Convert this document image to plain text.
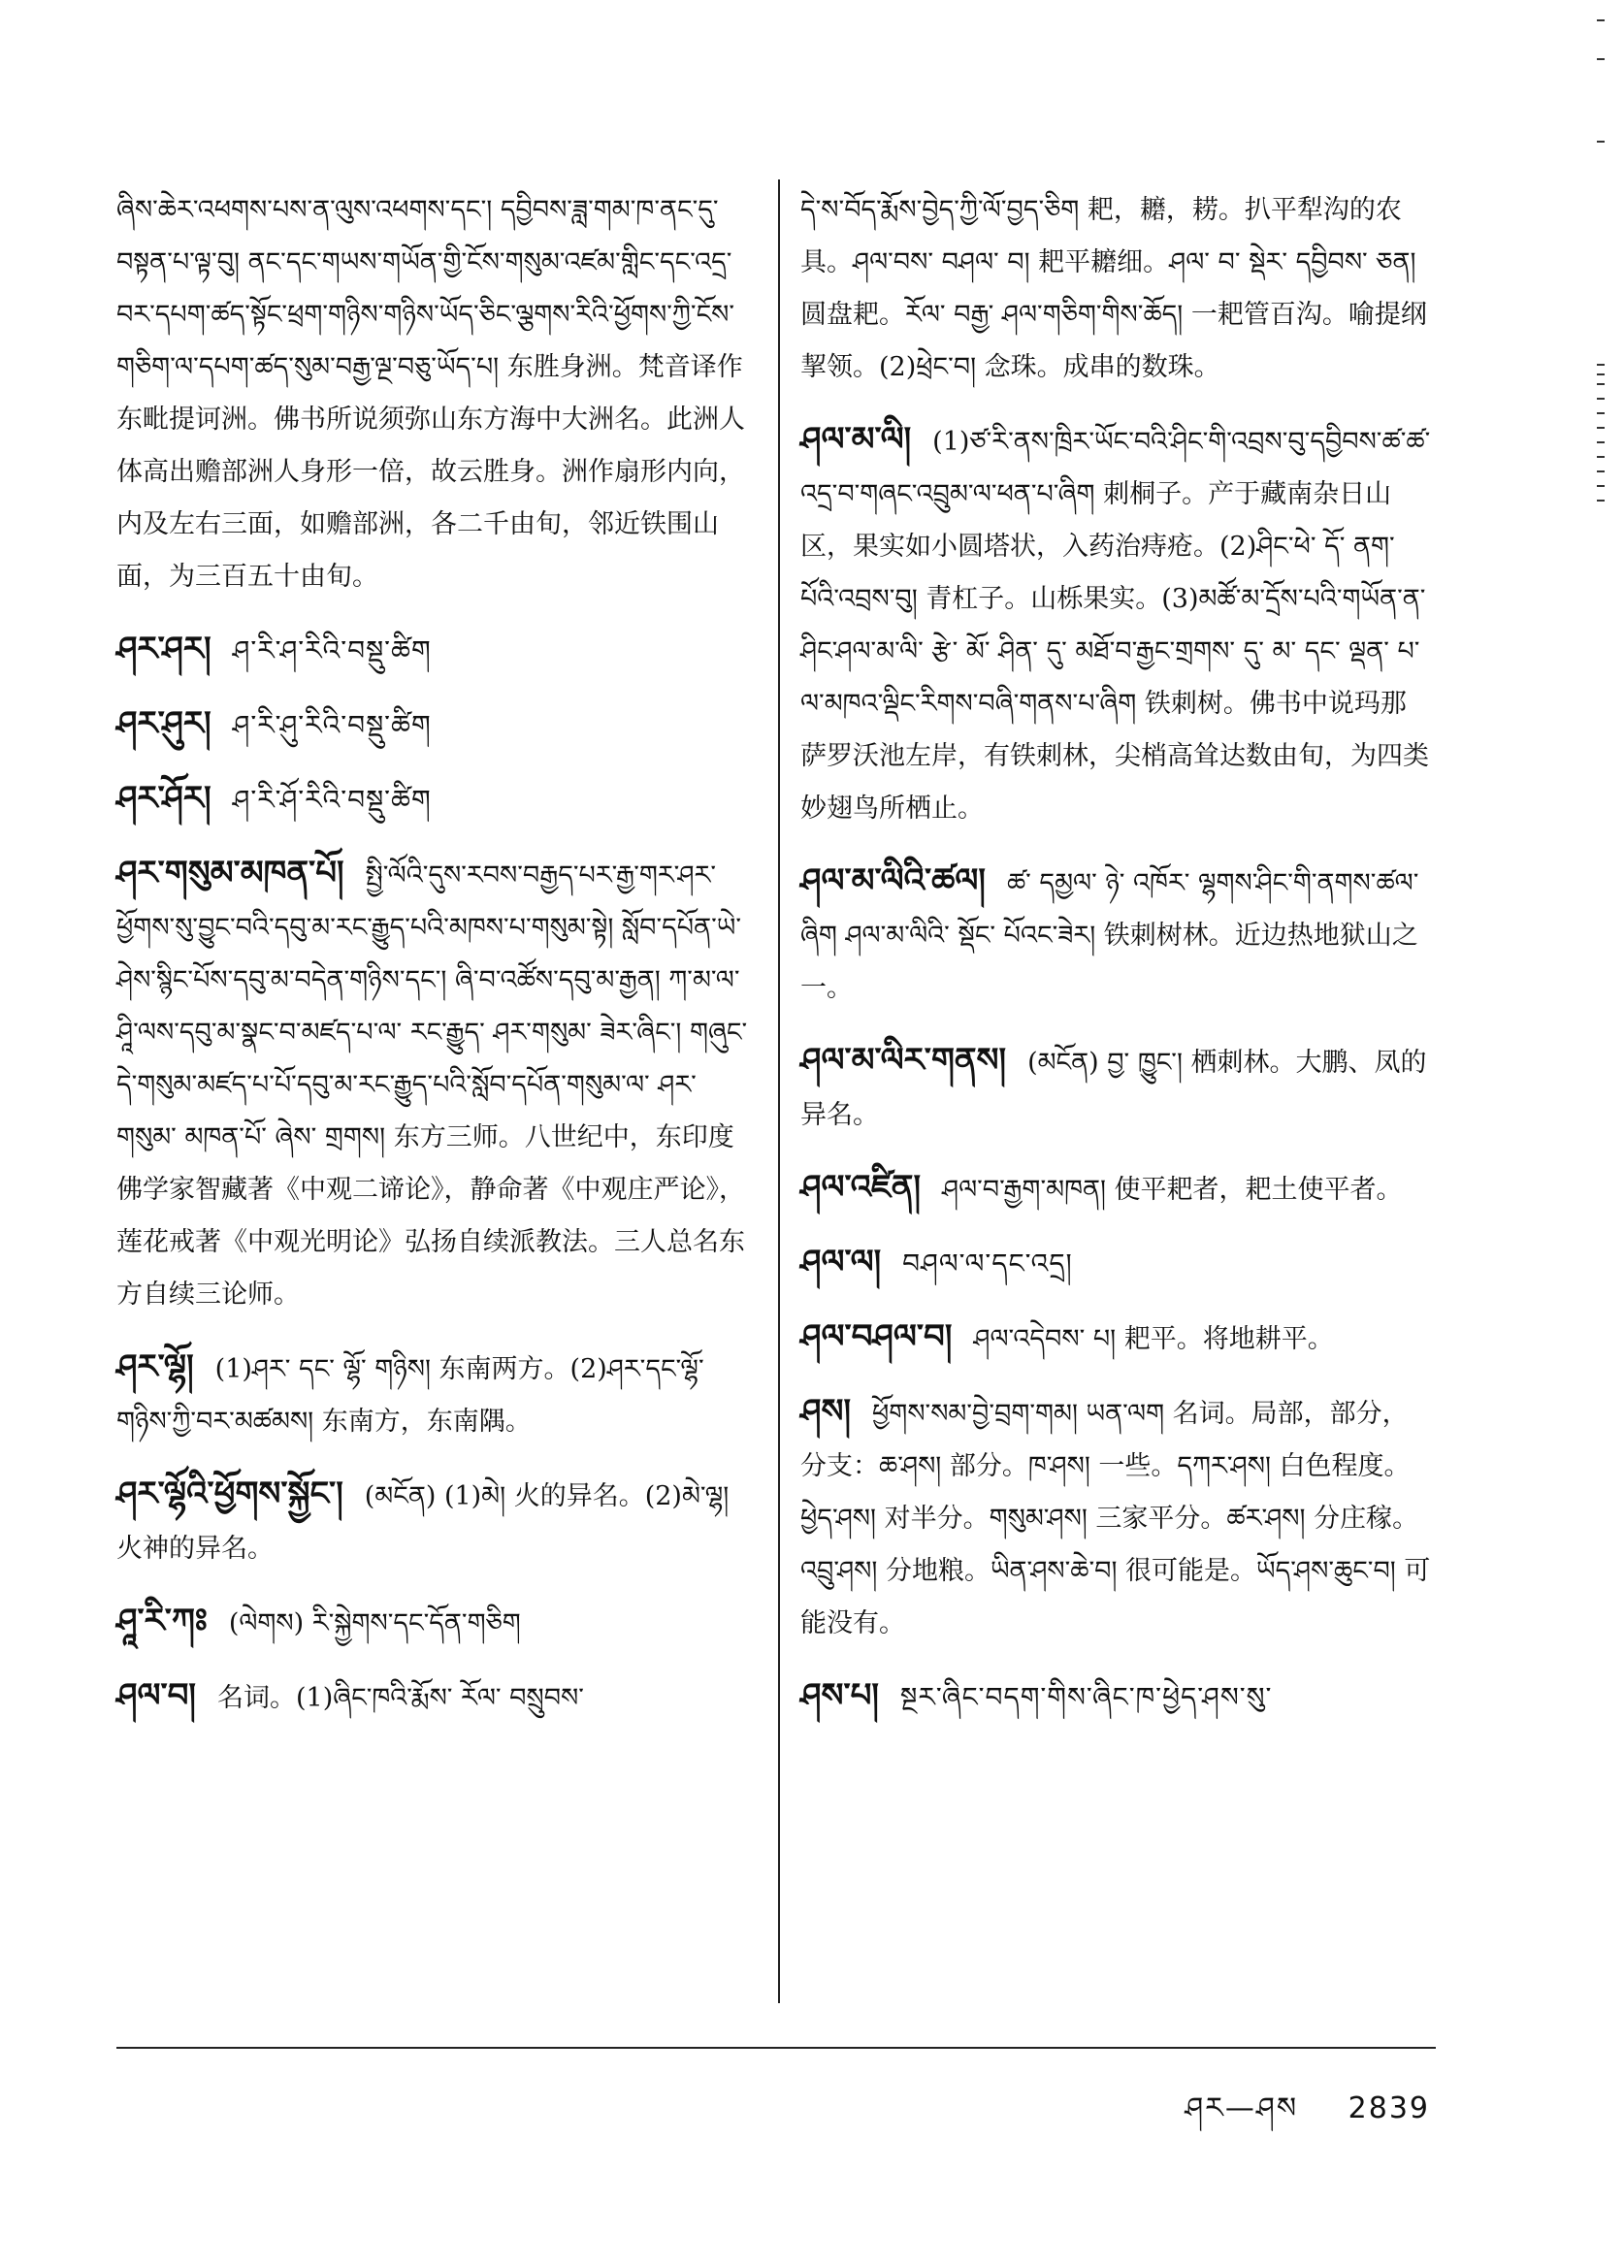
ཞིས་ཆེར་འཕགས་པས་ན་ལུས་འཕགས་དང་། དབྱིབས་ཟླ་གམ་ཁ་ནང་དུ་བསྟན་པ་ལྟ་བུ། ནང་དང་གཡས་གཡོན་གྱི་ངོས་གསུམ་འཛམ་གླིང་དང་འདྲ་བར་དཔག་ཚད་སྟོང་ཕྲག་གཉིས་གཉིས་ཡོད་ཅིང་ལྕགས་རིའི་ཕྱོགས་ཀྱི་ངོས་གཅིག་ལ་དཔག་ཚད་སུམ་བརྒྱ་ལྔ་བཅུ་ཡོད་པ། 东胜身洲。梵音译作东毗提诃洲。佛书所说须弥山东方海中大洲名。此洲人体高出赡部洲人身形一倍，故云胜身。洲作扇形内向，内及左右三面，如赡部洲，各二千由旬，邻近铁围山面，为三百五十由旬。

ཤར་ཤར། ཤ་རི་ཤ་རིའི་བསྡུ་ཚིག
ཤར་ཤུར། ཤ་རི་ཤུ་རིའི་བསྡུ་ཚིག
ཤར་ཤོར། ཤ་རི་ཤོ་རིའི་བསྡུ་ཚིག
ཤར་གསུམ་མཁན་པོ། སྤྱི་ལོའི་དུས་རབས་བརྒྱད་པར་རྒྱ་གར་ཤར་ཕྱོགས་སུ་བྱུང་བའི་དབུ་མ་རང་རྒྱུད་པའི་མཁས་པ་གསུམ་སྟེ། སློབ་དཔོན་ཡེ་ཤེས་སྙིང་པོས་དབུ་མ་བདེན་གཉིས་དང་། ཞི་བ་འཚོས་དབུ་མ་རྒྱན། ཀ་མ་ལ་ཤཱི་ལས་དབུ་མ་སྣང་བ་མཛད་པ་ལ་ རང་རྒྱུད་ ཤར་གསུམ་ ཟེར་ཞིང་། གཞུང་དེ་གསུམ་མཛད་པ་པོ་དབུ་མ་རང་རྒྱུད་པའི་སློབ་དཔོན་གསུམ་ལ་ ཤར་ གསུམ་ མཁན་པོ་ ཞེས་ གྲགས། 东方三师。八世纪中，东印度佛学家智藏著《中观二谛论》，静命著《中观庄严论》，莲花戒著《中观光明论》弘扬自续派教法。三人总名东方自续三论师。
ཤར་ལྷོ། (1)ཤར་ དང་ ལྷོ་ གཉིས། 东南两方。(2)ཤར་དང་ལྷོ་གཉིས་ཀྱི་བར་མཚམས། 东南方，东南隅。
ཤར་ལྷོའི་ཕྱོགས་སྐྱོང་། (མངོན) (1)མེ། 火的异名。(2)མེ་ལྷ། 火神的异名。
ཤཱ་རི་ཀཿ (ལེགས) རི་སྐྱེགས་དང་དོན་གཅིག
ཤལ་བ། 名词。(1)ཞིང་ཁའི་རྨོས་ རོལ་ བསྲུབས་

དེ་ས་བོད་རྨོས་བྱེད་ཀྱི་ལོ་བྱད་ཅིག 耙，耱，耢。扒平犁沟的农具。ཤལ་བས་ བཤལ་ བ། 耙平耱细。ཤལ་ བ་ སྡེར་ དབྱིབས་ ཅན། 圆盘耙。རོལ་ བརྒྱ་ ཤལ་གཅིག་གིས་ཆོད། 一耙管百沟。喻提纲挈领。(2)ཕྲེང་བ། 念珠。成串的数珠。

ཤལ་མ་ལི། (1)ཙ་རི་ནས་ཁྲིར་ཡོང་བའི་ཤིང་གི་འབྲས་བུ་དབྱིབས་ཚ་ཚ་འདྲ་བ་གཞང་འབྲུམ་ལ་ཕན་པ་ཞིག 刺桐子。产于藏南杂日山区，果实如小圆塔状，入药治痔疮。(2)ཤིང་ཕེ་ དོ་ ནག་པོའི་འབྲས་བུ། 青杠子。山栎果实。(3)མཚོ་མ་དྲོས་པའི་གཡོན་ན་ཤིང་ཤལ་མ་ལི་ རྩེ་ མོ་ ཤིན་ དུ་ མཐོ་བ་རྒྱང་གྲགས་ དུ་ མ་ དང་ ལྡན་ པ་ལ་མཁའ་ལྡིང་རིགས་བཞི་གནས་པ་ཞིག 铁刺树。佛书中说玛那萨罗沃池左岸，有铁刺林，尖梢高耸达数由旬，为四类妙翅鸟所栖止。
ཤལ་མ་ལིའི་ཚལ། ཚ་ དམྱལ་ ཉེ་ འཁོར་ ལྷགས་ཤིང་གི་ནགས་ཚལ་ཞིག ཤལ་མ་ལིའི་ སྡོང་ པོའང་ཟེར། 铁刺树林。近边热地狱山之一。
ཤལ་མ་ལིར་གནས། (མངོན) བྱ་ ཁྱུང་། 栖刺林。大鹏、凤的异名。
ཤལ་འཛིན། ཤལ་བ་རྒྱག་མཁན། 使平耙者，耙土使平者。
ཤལ་ལ། བཤལ་ལ་དང་འདྲ།
ཤལ་བཤལ་བ། ཤལ་འདེབས་ པ། 耙平。将地耕平。
ཤས། ཕྱོགས་སམ་བྱེ་བྲག་གམ། ཡན་ལག 名词。局部，部分，分支：ཆ་ཤས། 部分。ཁ་ཤས། 一些。དཀར་ཤས། 白色程度。ཕྱེད་ཤས། 对半分。གསུམ་ཤས། 三家平分。ཚར་ཤས། 分庄稼。འབྲུ་ཤས། 分地粮。ཡིན་ཤས་ཆེ་བ། 很可能是。ཡོད་ཤས་ཆུང་བ། 可能没有。
ཤས་པ། སྔར་ཞིང་བདག་གིས་ཞིང་ཁ་ཕྱེད་ཤས་སུ་
ཤར—ཤས 2839
